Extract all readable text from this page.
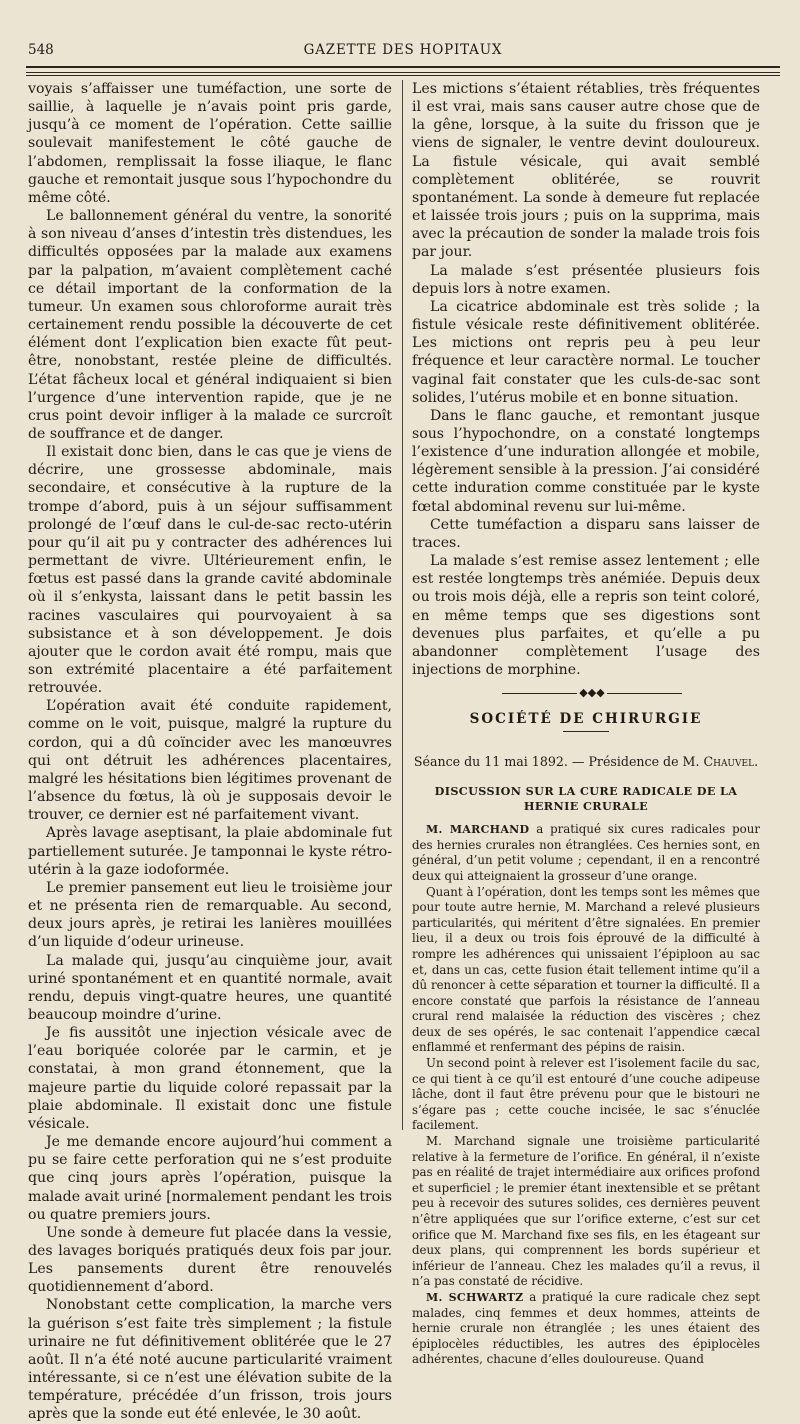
548	GAZETTE DES HOPITAUX

voyais s’affaisser une tuméfaction, une sorte de saillie, à laquelle je n’avais point pris garde, jusqu’à ce moment de l’opération. Cette saillie soulevait manifestement le côté gauche de l’abdomen, remplissait la fosse iliaque, le flanc gauche et remontait jusque sous l’hypochondre du même côté.

Le ballonnement général du ventre, la sonorité à son niveau d’anses d’intestin très distendues, les difficultés opposées par la malade aux examens par la palpation, m’avaient complètement caché ce détail important de la conformation de la tumeur. Un examen sous chloroforme aurait très certainement rendu possible la découverte de cet élément dont l’explication bien exacte fût peut-être, nonobstant, restée pleine de difficultés. L’état fâcheux local et général indiquaient si bien l’urgence d’une intervention rapide, que je ne crus point devoir infliger à la malade ce surcroît de souffrance et de danger.

Il existait donc bien, dans le cas que je viens de décrire, une grossesse abdominale, mais secondaire, et consécutive à la rupture de la trompe d’abord, puis à un séjour suffisamment prolongé de l’œuf dans le cul-de-sac recto-utérin pour qu’il ait pu y contracter des adhérences lui permettant de vivre. Ultérieurement enfin, le fœtus est passé dans la grande cavité abdominale où il s’enkysta, laissant dans le petit bassin les racines vasculaires qui pourvoyaient à sa subsistance et à son développement. Je dois ajouter que le cordon avait été rompu, mais que son extrémité placentaire a été parfaitement retrouvée.

L’opération avait été conduite rapidement, comme on le voit, puisque, malgré la rupture du cordon, qui a dû coïncider avec les manœuvres qui ont détruit les adhérences placentaires, malgré les hésitations bien légitimes provenant de l’absence du fœtus, là où je supposais devoir le trouver, ce dernier est né parfaitement vivant.

Après lavage aseptisant, la plaie abdominale fut partiellement suturée. Je tamponnai le kyste rétro-utérin à la gaze iodoformée.

Le premier pansement eut lieu le troisième jour et ne présenta rien de remarquable. Au second, deux jours après, je retirai les lanières mouillées d’un liquide d’odeur urineuse.

La malade qui, jusqu’au cinquième jour, avait uriné spontanément et en quantité normale, avait rendu, depuis vingt-quatre heures, une quantité beaucoup moindre d’urine.

Je fis aussitôt une injection vésicale avec de l’eau boriquée colorée par le carmin, et je constatai, à mon grand étonnement, que la majeure partie du liquide coloré repassait par la plaie abdominale. Il existait donc une fistule vésicale.

Je me demande encore aujourd’hui comment a pu se faire cette perforation qui ne s’est produite que cinq jours après l’opération, puisque la malade avait uriné [normalement pendant les trois ou quatre premiers jours.

Une sonde à demeure fut placée dans la vessie, des lavages boriqués pratiqués deux fois par jour. Les pansements durent être renouvelés quotidiennement d’abord.

Nonobstant cette complication, la marche vers la guérison s’est faite très simplement ; la fistule urinaire ne fut définitivement oblitérée que le 27 août. Il n’a été noté aucune particularité vraiment intéressante, si ce n’est une élévation subite de la température, précédée d’un frisson, trois jours après que la sonde eut été enlevée, le 30 août.

Les mictions s’étaient rétablies, très fréquentes il est vrai, mais sans causer autre chose que de la gêne, lorsque, à la suite du frisson que je viens de signaler, le ventre devint douloureux. La fistule vésicale, qui avait semblé complètement oblitérée, se rouvrit spontanément. La sonde à demeure fut replacée et laissée trois jours ; puis on la supprima, mais avec la précaution de sonder la malade trois fois par jour.

La malade s’est présentée plusieurs fois depuis lors à notre examen.

La cicatrice abdominale est très solide ; la fistule vésicale reste définitivement oblitérée. Les mictions ont repris peu à peu leur fréquence et leur caractère normal. Le toucher vaginal fait constater que les culs-de-sac sont solides, l’utérus mobile et en bonne situation.

Dans le flanc gauche, et remontant jusque sous l’hypochondre, on a constaté longtemps l’existence d’une induration allongée et mobile, légèrement sensible à la pression. J’ai considéré cette induration comme constituée par le kyste fœtal abdominal revenu sur lui-même.

Cette tuméfaction a disparu sans laisser de traces.

La malade s’est remise assez lentement ; elle est restée longtemps très anémiée. Depuis deux ou trois mois déjà, elle a repris son teint coloré, en même temps que ses digestions sont devenues plus parfaites, et qu’elle a pu abandonner complètement l’usage des injections de morphine.

◆◆◆
SOCIÉTÉ DE CHIRURGIE
Séance du 11 mai 1892. — Présidence de M. Chauvel.
DISCUSSION SUR LA CURE RADICALE DE LA HERNIE CRURALE

M. MARCHAND a pratiqué six cures radicales pour des hernies crurales non étranglées. Ces hernies sont, en général, d’un petit volume ; cependant, il en a rencontré deux qui atteignaient la grosseur d’une orange.

Quant à l’opération, dont les temps sont les mêmes que pour toute autre hernie, M. Marchand a relevé plusieurs particularités, qui méritent d’être signalées. En premier lieu, il a deux ou trois fois éprouvé de la difficulté à rompre les adhérences qui unissaient l’épiploon au sac et, dans un cas, cette fusion était tellement intime qu’il a dû renoncer à cette séparation et tourner la difficulté. Il a encore constaté que parfois la résistance de l’anneau crural rend malaisée la réduction des viscères ; chez deux de ses opérés, le sac contenait l’appendice cæcal enflammé et renfermant des pépins de raisin.

Un second point à relever est l’isolement facile du sac, ce qui tient à ce qu’il est entouré d’une couche adipeuse lâche, dont il faut être prévenu pour que le bistouri ne s’égare pas ; cette couche incisée, le sac s’énuclée facilement.

M. Marchand signale une troisième particularité relative à la fermeture de l’orifice. En général, il n’existe pas en réalité de trajet intermédiaire aux orifices profond et superficiel ; le premier étant inextensible et se prêtant peu à recevoir des sutures solides, ces dernières peuvent n’être appliquées que sur l’orifice externe, c’est sur cet orifice que M. Marchand fixe ses fils, en les étageant sur deux plans, qui comprennent les bords supérieur et inférieur de l’anneau. Chez les malades qu’il a revus, il n’a pas constaté de récidive.

M. SCHWARTZ a pratiqué la cure radicale chez sept malades, cinq femmes et deux hommes, atteints de hernie crurale non étranglée ; les unes étaient des épiplocèles réductibles, les autres des épiplocèles adhérentes, chacune d’elles douloureuse. Quand
